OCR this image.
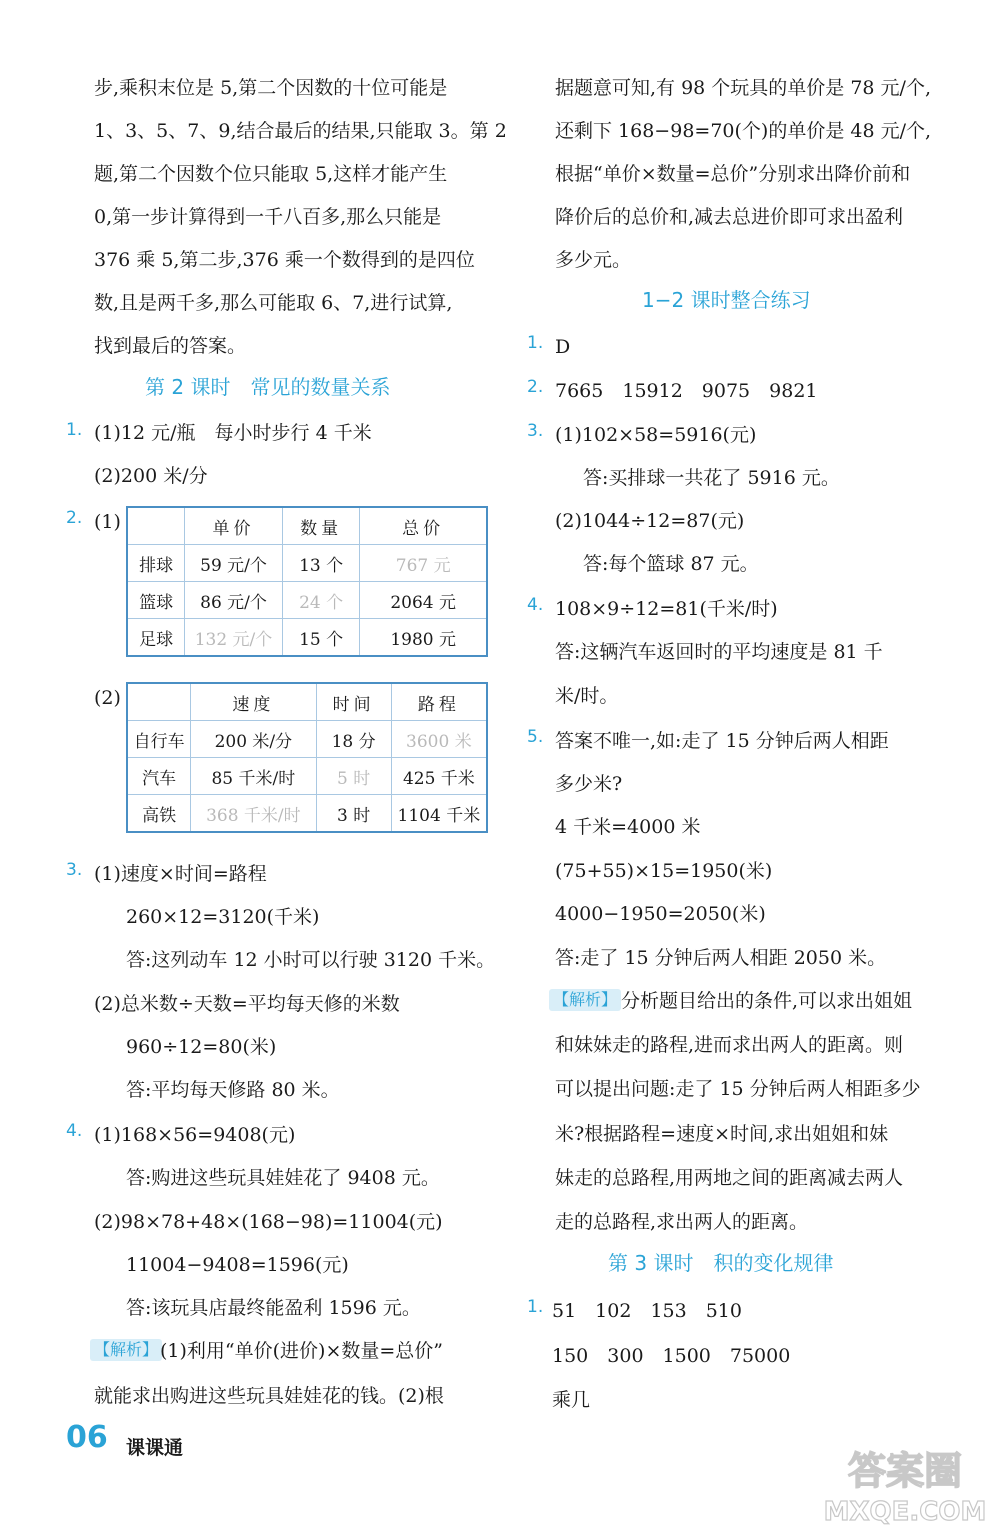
步,乘积末位是 5,第二个因数的十位可能是
1、3、5、7、9,结合最后的结果,只能取 3。第 2
题,第二个因数个位只能取 5,这样才能产生
0,第一步计算得到一千八百多,那么只能是
376 乘 5,第二步,376 乘一个数得到的是四位
数,且是两千多,那么可能取 6、7,进行试算,
找到最后的答案。
第 2 课时　常见的数量关系
1. (1)12 元/瓶　每小时步行 4 千米
(2)200 米/分
2. (1)
		单价	数量	总价
排球	59 元/个	13 个	767 元
篮球	86 元/个	24 个	2064 元
足球	132 元/个	15 个	1980 元
(2)
		速度	时间	路程
自行车	200 米/分	18 分	3600 米
汽车	85 千米/时	5 时	425 千米
高铁	368 千米/时	3 时	1104 千米
3. (1)速度×时间=路程
260×12=3120(千米)
答:这列动车 12 小时可以行驶 3120 千米。
(2)总米数÷天数=平均每天修的米数
960÷12=80(米)
答:平均每天修路 80 米。
4. (1)168×56=9408(元)
答:购进这些玩具娃娃花了 9408 元。
(2)98×78+48×(168−98)=11004(元)
11004−9408=1596(元)
答:该玩具店最终能盈利 1596 元。
【解析】 (1)利用“单价(进价)×数量=总价”
就能求出购进这些玩具娃娃花的钱。(2)根
据题意可知,有 98 个玩具的单价是 78 元/个,
还剩下 168−98=70(个)的单价是 48 元/个,
根据“单价×数量=总价”分别求出降价前和
降价后的总价和,减去总进价即可求出盈利
多少元。
1−2 课时整合练习
1. D
2. 7665　15912　9075　9821
3. (1)102×58=5916(元)
答:买排球一共花了 5916 元。
(2)1044÷12=87(元)
答:每个篮球 87 元。
4. 108×9÷12=81(千米/时)
答:这辆汽车返回时的平均速度是 81 千
米/时。
5. 答案不唯一,如:走了 15 分钟后两人相距
多少米?
4 千米=4000 米
(75+55)×15=1950(米)
4000−1950=2050(米)
答:走了 15 分钟后两人相距 2050 米。
【解析】 分析题目给出的条件,可以求出姐姐
和妹妹走的路程,进而求出两人的距离。则
可以提出问题:走了 15 分钟后两人相距多少
米?根据路程=速度×时间,求出姐姐和妹
妹走的总路程,用两地之间的距离减去两人
走的总路程,求出两人的距离。
第 3 课时　积的变化规律
1. 51　102　153　510
150　300　1500　75000
乘几
06 课课通
答案圈
MXQE.COM
